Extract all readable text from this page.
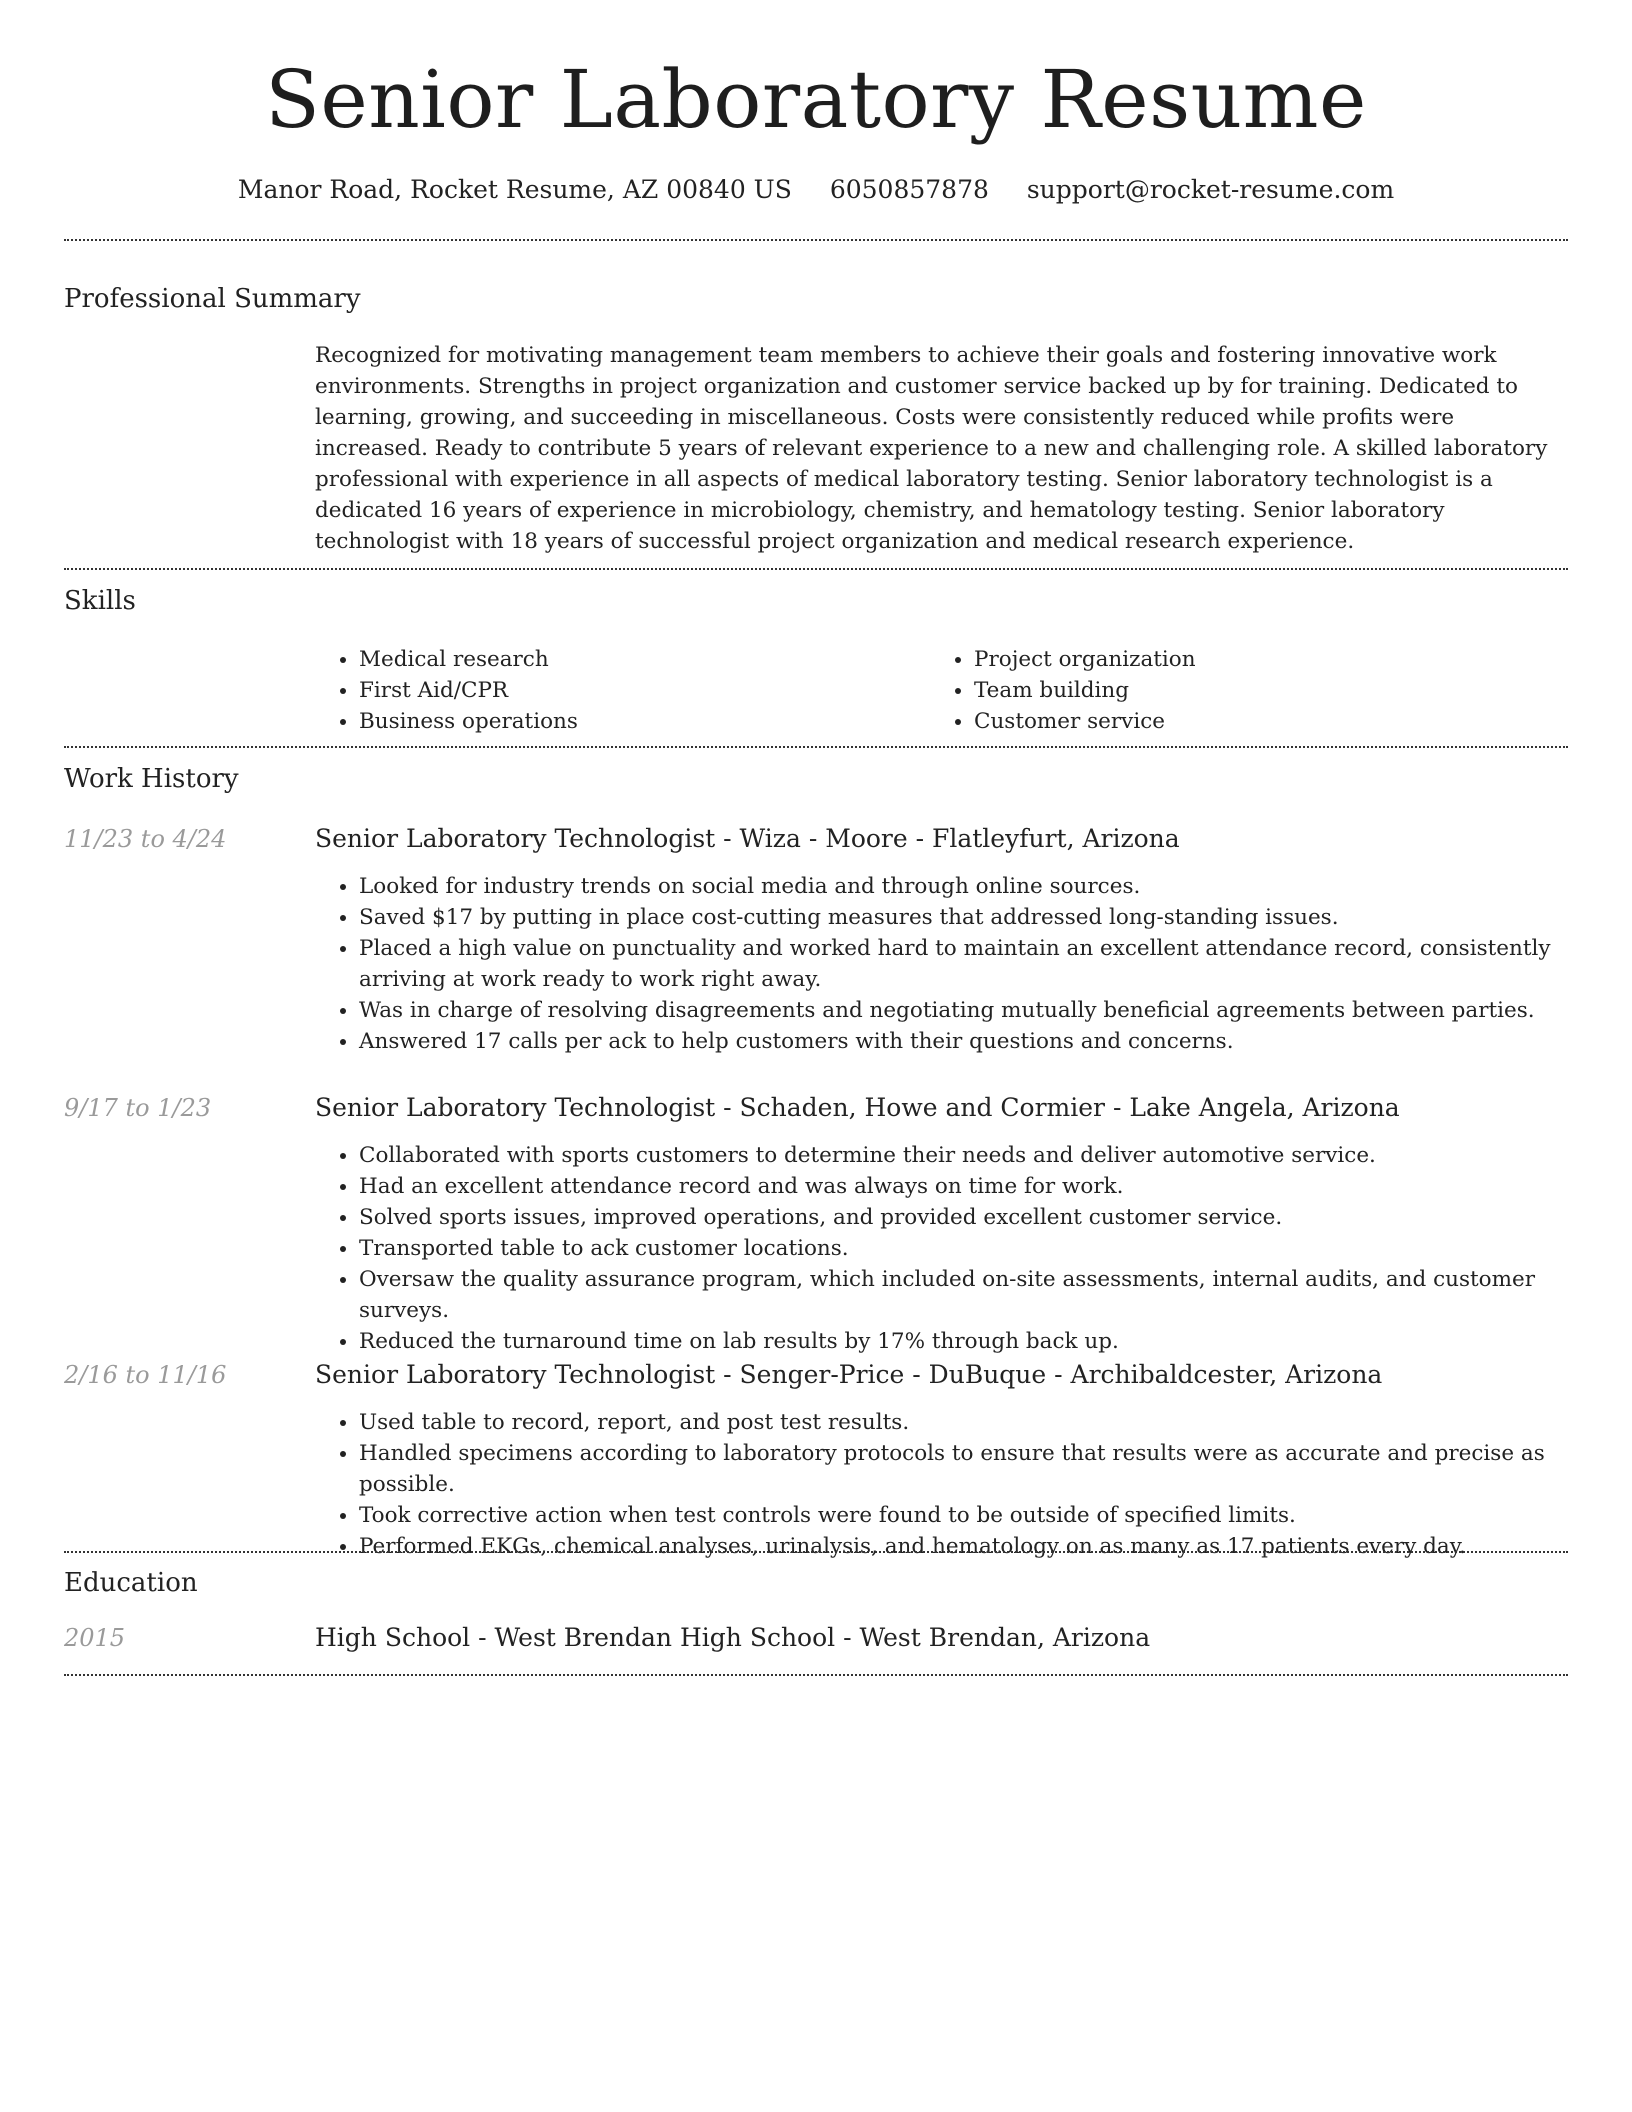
Senior Laboratory Resume
Manor Road, Rocket Resume, AZ 00840 US 6050857878 support@rocket-resume.com
Professional Summary

Recognized for motivating management team members to achieve their goals and fostering innovative work environments. Strengths in project organization and customer service backed up by for training. Dedicated to learning, growing, and succeeding in miscellaneous. Costs were consistently reduced while profits were increased. Ready to contribute 5 years of relevant experience to a new and challenging role. A skilled laboratory professional with experience in all aspects of medical laboratory testing. Senior laboratory technologist is a dedicated 16 years of experience in microbiology, chemistry, and hematology testing. Senior laboratory technologist with 18 years of successful project organization and medical research experience.

Skills
• Medical research
• First Aid/CPR
• Business operations
• Project organization
• Team building
• Customer service
Work History
11/23 to 4/24	Senior Laboratory Technologist - Wiza - Moore - Flatleyfurt, Arizona
• Looked for industry trends on social media and through online sources.
• Saved $17 by putting in place cost-cutting measures that addressed long-standing issues.
• Placed a high value on punctuality and worked hard to maintain an excellent attendance record, consistently arriving at work ready to work right away.
• Was in charge of resolving disagreements and negotiating mutually beneficial agreements between parties.
• Answered 17 calls per ack to help customers with their questions and concerns.
9/17 to 1/23	Senior Laboratory Technologist - Schaden, Howe and Cormier - Lake Angela, Arizona
• Collaborated with sports customers to determine their needs and deliver automotive service.
• Had an excellent attendance record and was always on time for work.
• Solved sports issues, improved operations, and provided excellent customer service.
• Transported table to ack customer locations.
• Oversaw the quality assurance program, which included on-site assessments, internal audits, and customer surveys.
• Reduced the turnaround time on lab results by 17% through back up.
2/16 to 11/16	Senior Laboratory Technologist - Senger-Price - DuBuque - Archibaldcester, Arizona
• Used table to record, report, and post test results.
• Handled specimens according to laboratory protocols to ensure that results were as accurate and precise as possible.
• Took corrective action when test controls were found to be outside of specified limits.
• Performed EKGs, chemical analyses, urinalysis, and hematology on as many as 17 patients every day.
Education
2015	High School - West Brendan High School - West Brendan, Arizona
